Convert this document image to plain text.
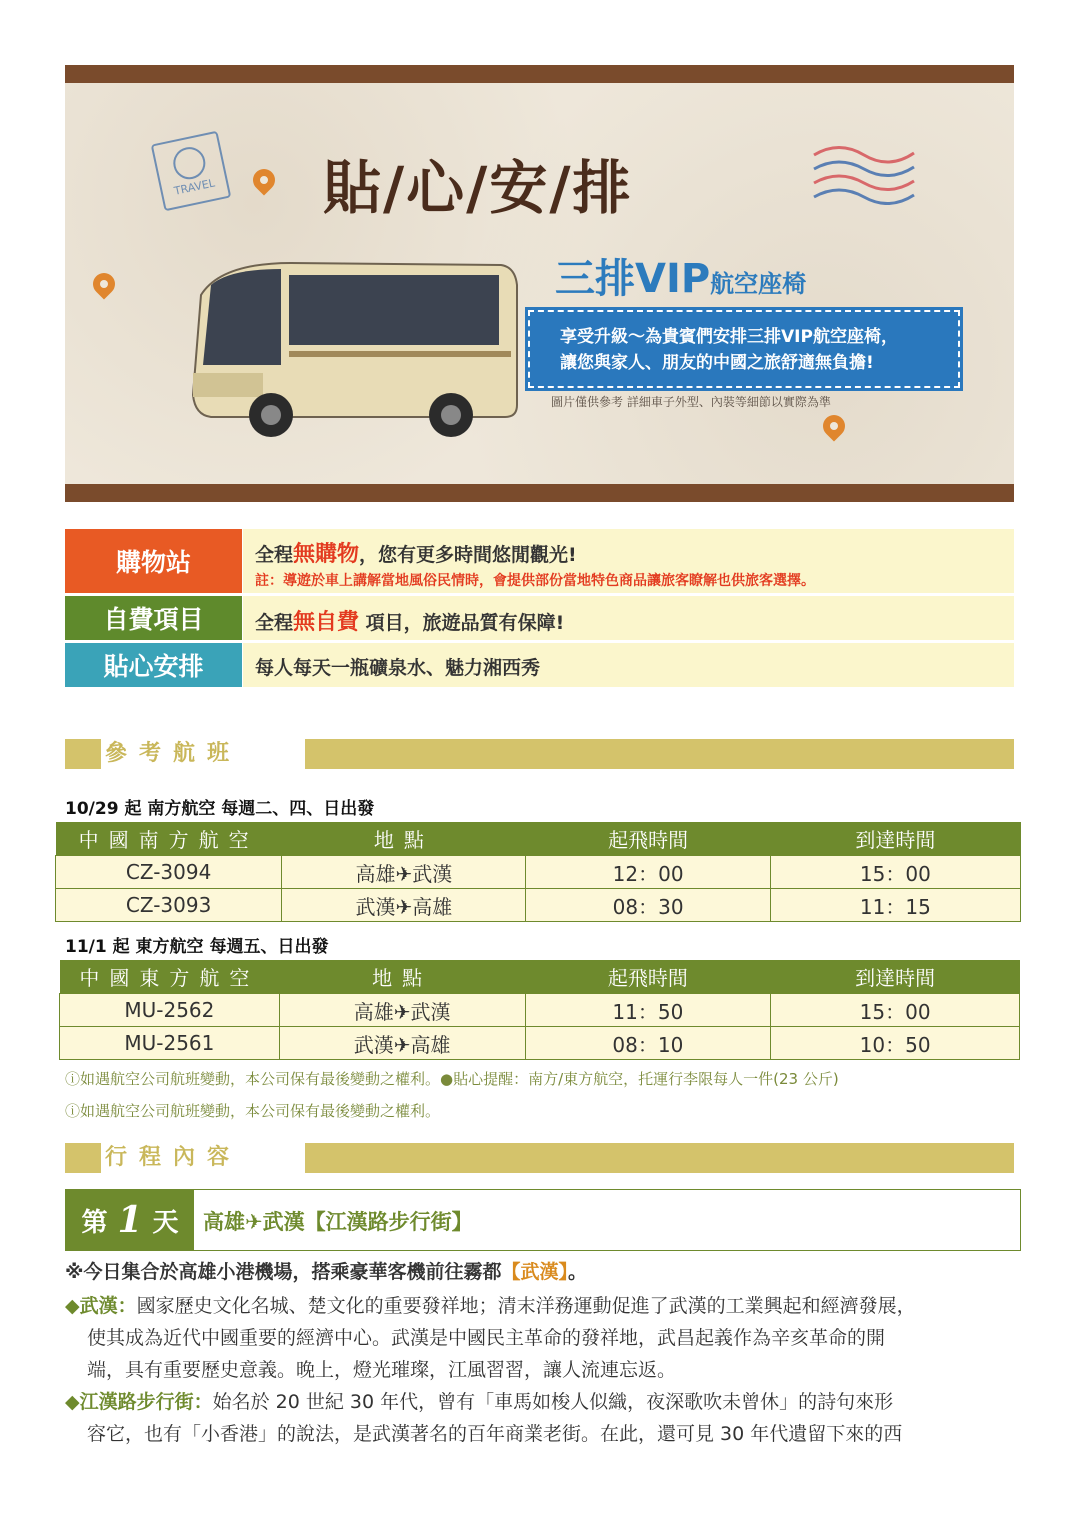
TRAVEL 貼/心/安/排
三排VIP航空座椅
享受升級～為貴賓們安排三排VIP航空座椅，
讓您與家人、朋友的中國之旅舒適無負擔!
圖片僅供參考 詳細車子外型、內裝等細節以實際為準
購物站	全程無購物，您有更多時間悠閒觀光!
註：導遊於車上講解當地風俗民情時，會提供部份當地特色商品讓旅客瞭解也供旅客選擇。
自費項目	全程無自費 項目，旅遊品質有保障!
貼心安排	每人每天一瓶礦泉水、魅力湘西秀
參考航班
10/29 起 南方航空 每週二、四、日出發
中國南方航空	地點	起飛時間	到達時間
CZ-3094	高雄✈武漢	12：00	15：00
CZ-3093	武漢✈高雄	08：30	11：15
11/1 起 東方航空 每週五、日出發
中國東方航空	地點	起飛時間	到達時間
MU-2562	高雄✈武漢	11：50	15：00
MU-2561	武漢✈高雄	08：10	10：50
ⓘ如遇航空公司航班變動，本公司保有最後變動之權利。●貼心提醒：南方/東方航空，托運行李限每人一件(23 公斤)
ⓘ如遇航空公司航班變動，本公司保有最後變動之權利。
行程內容
第 1 天 高雄✈武漢【江漢路步行街】
※今日集合於高雄小港機場，搭乘豪華客機前往霧都【武漢】。
◆武漢：國家歷史文化名城、楚文化的重要發祥地；清末洋務運動促進了武漢的工業興起和經濟發展，
使其成為近代中國重要的經濟中心。武漢是中國民主革命的發祥地，武昌起義作為辛亥革命的開
端，具有重要歷史意義。晚上，燈光璀璨，江風習習，讓人流連忘返。
◆江漢路步行街：始名於 20 世紀 30 年代，曾有「車馬如梭人似織，夜深歌吹未曾休」的詩句來形
容它，也有「小香港」的說法，是武漢著名的百年商業老街。在此，還可見 30 年代遺留下來的西
